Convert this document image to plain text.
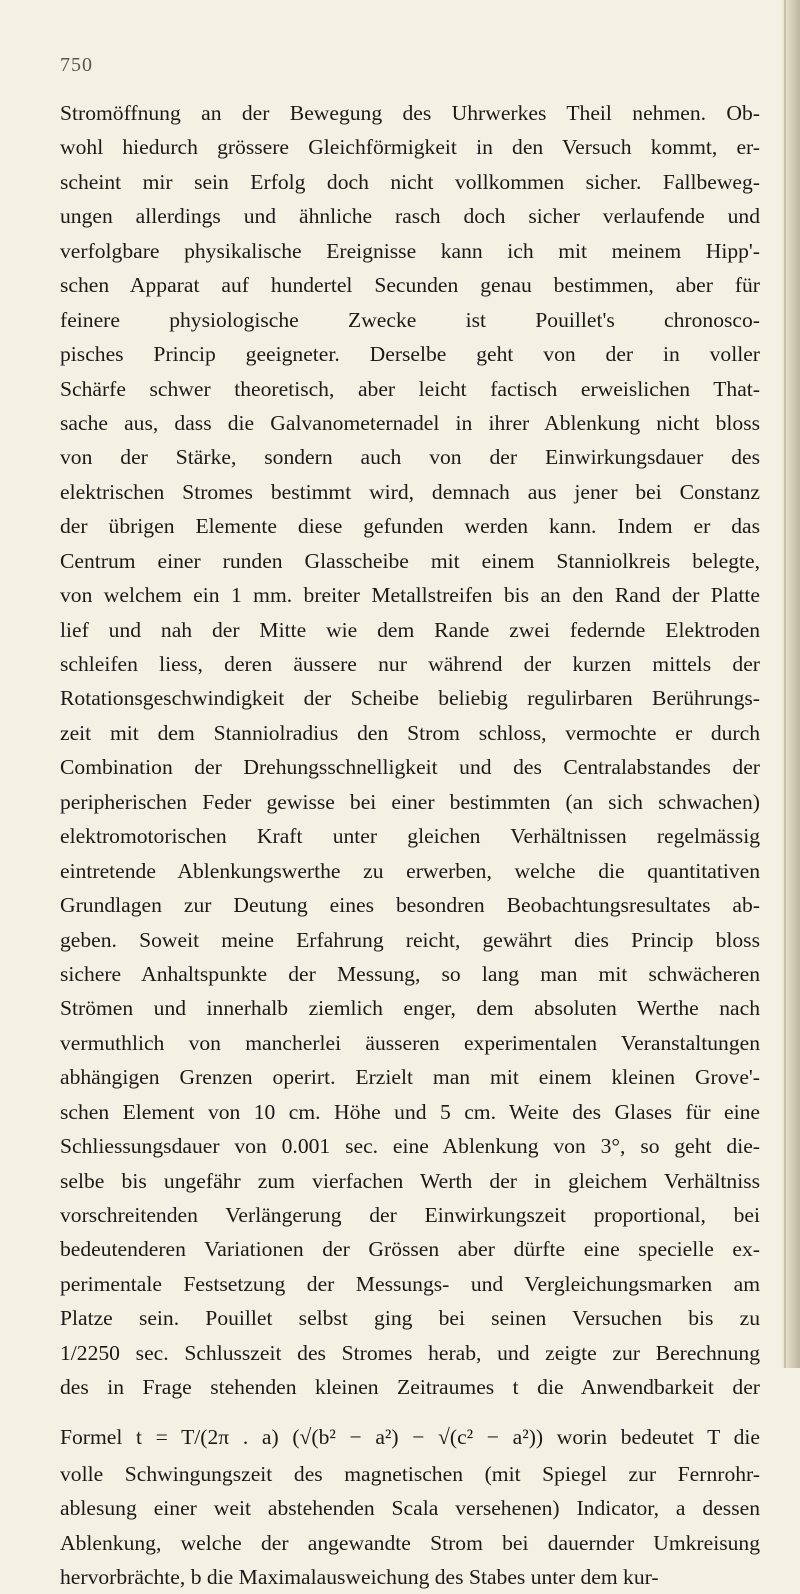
750
Stromöffnung an der Bewegung des Uhrwerkes Theil nehmen. Ob-
wohl hiedurch grössere Gleichförmigkeit in den Versuch kommt, er-
scheint mir sein Erfolg doch nicht vollkommen sicher. Fallbeweg-
ungen allerdings und ähnliche rasch doch sicher verlaufende und
verfolgbare physikalische Ereignisse kann ich mit meinem Hipp'-
schen Apparat auf hundertel Secunden genau bestimmen, aber für
feinere physiologische Zwecke ist Pouillet's chronosco-
pisches Princip geeigneter. Derselbe geht von der in voller
Schärfe schwer theoretisch, aber leicht factisch erweislichen That-
sache aus, dass die Galvanometernadel in ihrer Ablenkung nicht bloss
von der Stärke, sondern auch von der Einwirkungsdauer des
elektrischen Stromes bestimmt wird, demnach aus jener bei Constanz
der übrigen Elemente diese gefunden werden kann. Indem er das
Centrum einer runden Glasscheibe mit einem Stanniolkreis belegte,
von welchem ein 1 mm. breiter Metallstreifen bis an den Rand der Platte
lief und nah der Mitte wie dem Rande zwei federnde Elektroden
schleifen liess, deren äussere nur während der kurzen mittels der
Rotationsgeschwindigkeit der Scheibe beliebig regulirbaren Berührungs-
zeit mit dem Stanniolradius den Strom schloss, vermochte er durch
Combination der Drehungsschnelligkeit und des Centralabstandes der
peripherischen Feder gewisse bei einer bestimmten (an sich schwachen)
elektromotorischen Kraft unter gleichen Verhältnissen regelmässig
eintretende Ablenkungswerthe zu erwerben, welche die quantitativen
Grundlagen zur Deutung eines besondren Beobachtungsresultates ab-
geben. Soweit meine Erfahrung reicht, gewährt dies Princip bloss
sichere Anhaltspunkte der Messung, so lang man mit schwächeren
Strömen und innerhalb ziemlich enger, dem absoluten Werthe nach
vermuthlich von mancherlei äusseren experimentalen Veranstaltungen
abhängigen Grenzen operirt. Erzielt man mit einem kleinen Grove'-
schen Element von 10 cm. Höhe und 5 cm. Weite des Glases für eine
Schliessungsdauer von 0.001 sec. eine Ablenkung von 3°, so geht die-
selbe bis ungefähr zum vierfachen Werth der in gleichem Verhältniss
vorschreitenden Verlängerung der Einwirkungszeit proportional, bei
bedeutenderen Variationen der Grössen aber dürfte eine specielle ex-
perimentale Festsetzung der Messungs- und Vergleichungsmarken am
Platze sein. Pouillet selbst ging bei seinen Versuchen bis zu
1/2250 sec. Schlusszeit des Stromes herab, und zeigte zur Berechnung
des in Frage stehenden kleinen Zeitraumes t die Anwendbarkeit der
Formel t = T/(2π . a) (√(b² − a²) − √(c² − a²)) worin bedeutet T die
volle Schwingungszeit des magnetischen (mit Spiegel zur Fernrohr-
ablesung einer weit abstehenden Scala versehenen) Indicator, a dessen
Ablenkung, welche der angewandte Strom bei dauernder Umkreisung
hervorbrächte, b die Maximalausweichung des Stabes unter dem kur-
